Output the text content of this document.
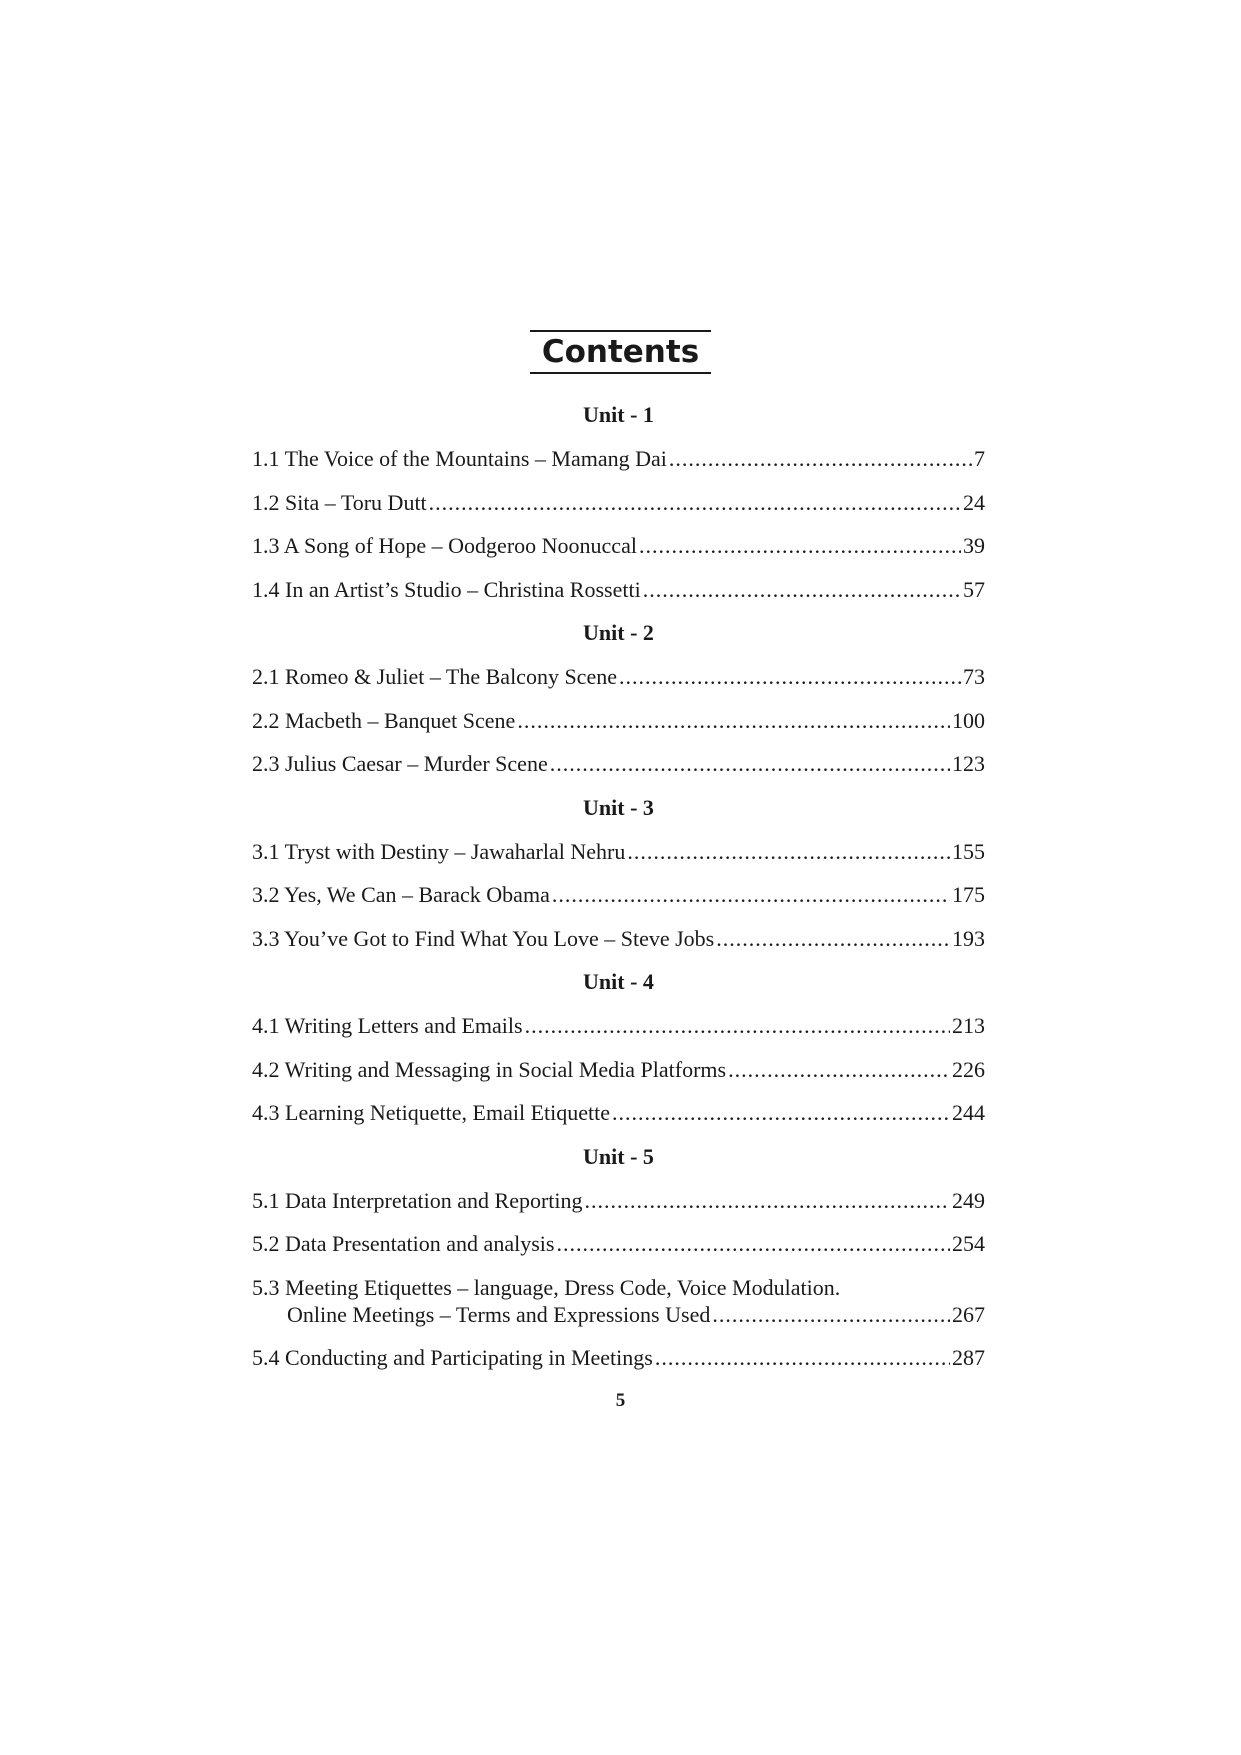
Contents
Unit - 1
1.1 The Voice of the Mountains – Mamang Dai .....	7
1.2 Sita – Toru Dutt .....	24
1.3 A Song of Hope – Oodgeroo Noonuccal .....	39
1.4 In an Artist’s Studio – Christina Rossetti .....	57
Unit - 2
2.1 Romeo & Juliet – The Balcony Scene .....	73
2.2 Macbeth – Banquet Scene .....	100
2.3 Julius Caesar – Murder Scene .....	123
Unit - 3
3.1 Tryst with Destiny – Jawaharlal Nehru .....	155
3.2 Yes, We Can – Barack Obama .....	175
3.3 You’ve Got to Find What You Love – Steve Jobs .....	193
Unit - 4
4.1 Writing Letters and Emails .....	213
4.2 Writing and Messaging in Social Media Platforms .....	226
4.3 Learning Netiquette, Email Etiquette .....	244
Unit - 5
5.1 Data Interpretation and Reporting .....	249
5.2 Data Presentation and analysis .....	254
5.3 Meeting Etiquettes – language, Dress Code, Voice Modulation.
Online Meetings – Terms and Expressions Used .....	267
5.4 Conducting and Participating in Meetings .....	287
5
